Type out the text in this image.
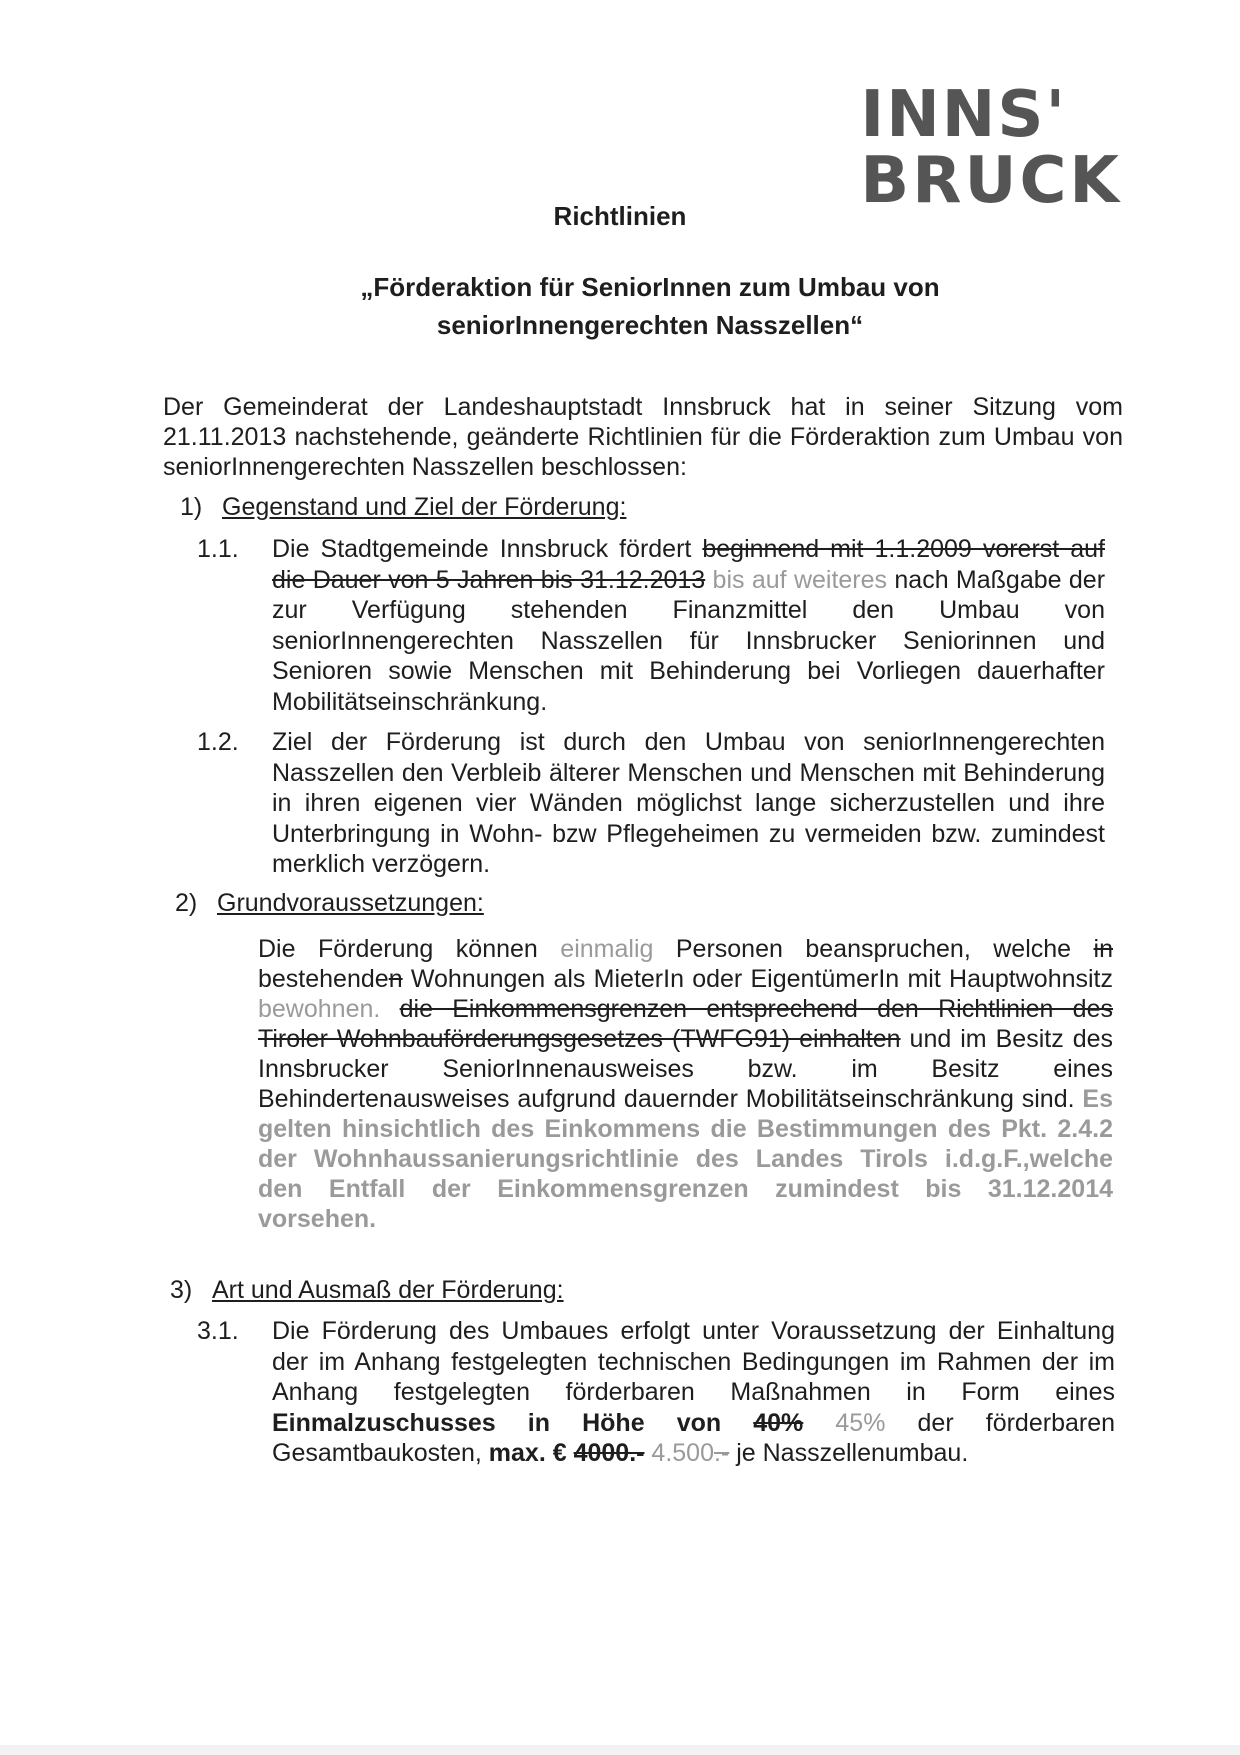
INNS'
BRUCK
Richtlinien
„Förderaktion für SeniorInnen zum Umbau von
seniorInnengerechten Nasszellen“
Der Gemeinderat der Landeshauptstadt Innsbruck hat in seiner Sitzung vom 21.11.2013 nachstehende, geänderte Richtlinien für die Förderaktion zum Umbau von seniorInnengerechten Nasszellen beschlossen:
1) Gegenstand und Ziel der Förderung:
1.1. Die Stadtgemeinde Innsbruck fördert beginnend mit 1.1.2009 vorerst auf die Dauer von 5 Jahren bis 31.12.2013 bis auf weiteres nach Maßgabe der zur Verfügung stehenden Finanzmittel den Umbau von seniorInnengerechten Nasszellen für Innsbrucker Seniorinnen und Senioren sowie Menschen mit Behinderung bei Vorliegen dauerhafter Mobilitätseinschränkung.
1.2. Ziel der Förderung ist durch den Umbau von seniorInnengerechten Nasszellen den Verbleib älterer Menschen und Menschen mit Behinderung in ihren eigenen vier Wänden möglichst lange sicherzustellen und ihre Unterbringung in Wohn- bzw Pflegeheimen zu vermeiden bzw. zumindest merklich verzögern.
2) Grundvoraussetzungen:
Die Förderung können einmalig Personen beanspruchen, welche in bestehenden Wohnungen als MieterIn oder EigentümerIn mit Hauptwohnsitz bewohnen. die Einkommensgrenzen entsprechend den Richtlinien des Tiroler Wohnbauförderungsgesetzes (TWFG91) einhalten und im Besitz des Innsbrucker SeniorInnenausweises bzw. im Besitz eines Behindertenausweises aufgrund dauernder Mobilitätseinschränkung sind. Es gelten hinsichtlich des Einkommens die Bestimmungen des Pkt. 2.4.2 der Wohnhaussanierungsrichtlinie des Landes Tirols i.d.g.F.,welche den Entfall der Einkommensgrenzen zumindest bis 31.12.2014 vorsehen.
3) Art und Ausmaß der Förderung:
3.1. Die Förderung des Umbaues erfolgt unter Voraussetzung der Einhaltung der im Anhang festgelegten technischen Bedingungen im Rahmen der im Anhang festgelegten förderbaren Maßnahmen in Form eines Einmalzuschusses in Höhe von 40% 45% der förderbaren Gesamtbaukosten, max. € 4000.- 4.500.- je Nasszellenumbau.
